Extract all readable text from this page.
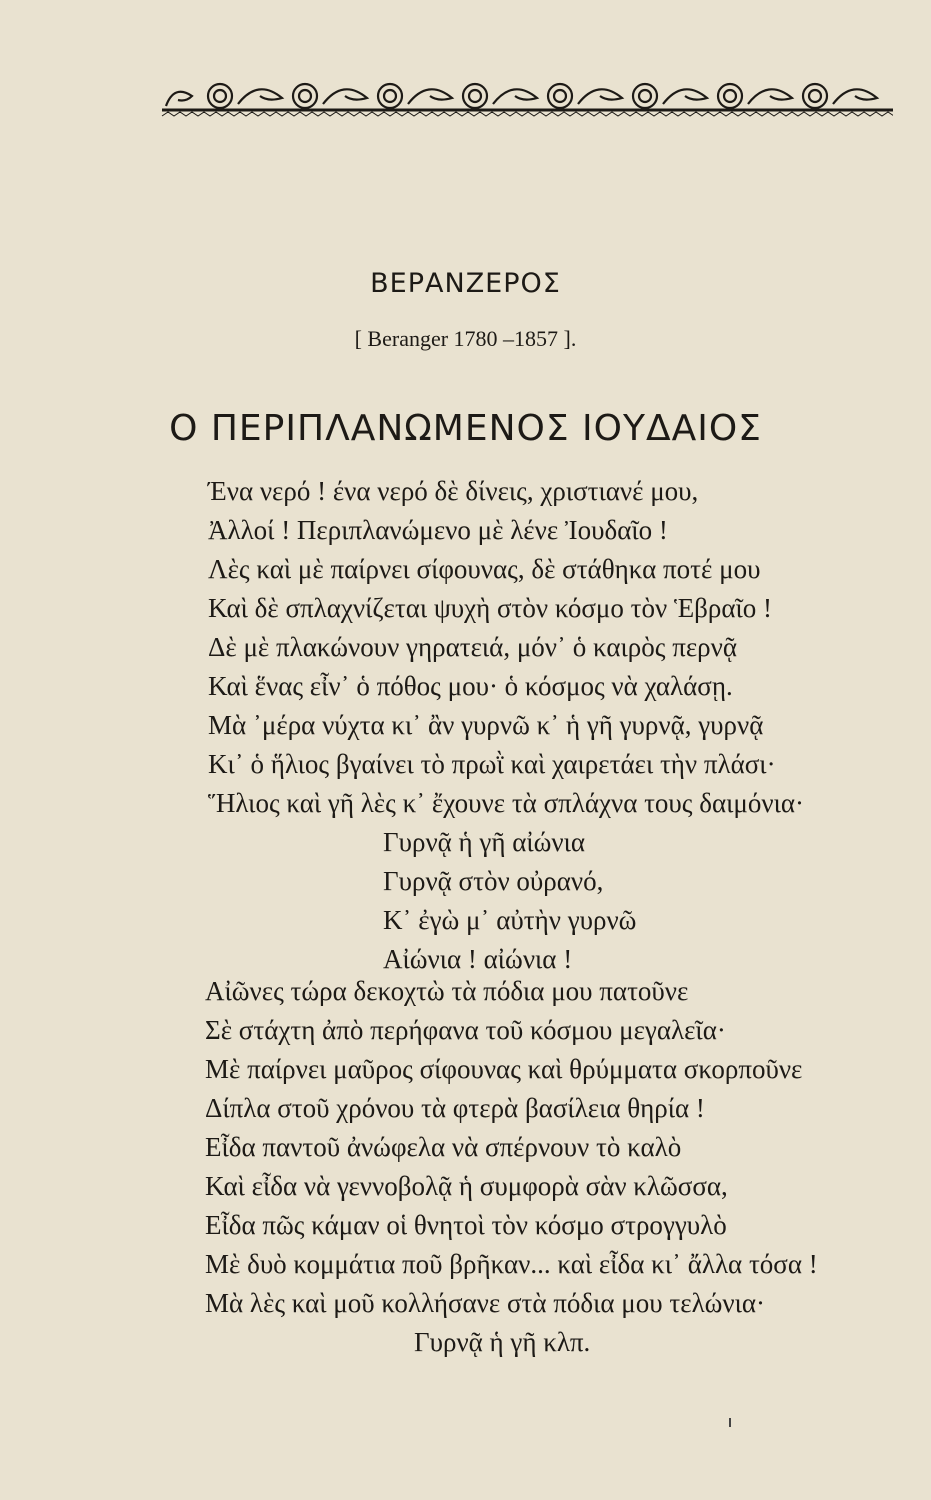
ΒΕΡΑΝΖΕΡΟΣ
[ Beranger 1780 –1857 ].
Ο ΠΕΡΙΠΛΑΝΩΜΕΝΟΣ ΙΟΥΔΑΙΟΣ
Ένα νερό ! ένα νερό δὲ δίνεις, χριστιανέ μου,
Ἀλλοί ! Περιπλανώμενο μὲ λένε Ἰουδαῖο !
Λὲς καὶ μὲ παίρνει σίφουνας, δὲ στάθηκα ποτέ μου
Καὶ δὲ σπλαχνίζεται ψυχὴ στὸν κόσμο τὸν Ἑβραῖο !
Δὲ μὲ πλακώνουν γηρατειά, μόν᾽ ὁ καιρὸς περνᾷ
Καὶ ἕνας εἶν᾽ ὁ πόθος μου· ὁ κόσμος νὰ χαλάσῃ.
Μὰ ᾽μέρα νύχτα κι᾽ ἂν γυρνῶ κ᾽ ἡ γῆ γυρνᾷ, γυρνᾷ
Κι᾽ ὁ ἥλιος βγαίνει τὸ πρωῒ καὶ χαιρετάει τὴν πλάσι·
Ἥλιος καὶ γῆ λὲς κ᾽ ἔχουνε τὰ σπλάχνα τους δαιμόνια·
Γυρνᾷ ἡ γῆ αἰώνια
Γυρνᾷ στὸν οὐρανό,
Κ᾽ ἐγὼ μ᾽ αὐτὴν γυρνῶ
Αἰώνια ! αἰώνια !
Αἰῶνες τώρα δεκοχτὼ τὰ πόδια μου πατοῦνε
Σὲ στάχτη ἀπὸ περήφανα τοῦ κόσμου μεγαλεῖα·
Μὲ παίρνει μαῦρος σίφουνας καὶ θρύμματα σκορποῦνε
Δίπλα στοῦ χρόνου τὰ φτερὰ βασίλεια θηρία !
Εἶδα παντοῦ ἀνώφελα νὰ σπέρνουν τὸ καλὸ
Καὶ εἶδα νὰ γεννοβολᾷ ἡ συμφορὰ σὰν κλῶσσα,
Εἶδα πῶς κάμαν οἱ θνητοὶ τὸν κόσμο στρογγυλὸ
Μὲ δυὸ κομμάτια ποῦ βρῆκαν... καὶ εἶδα κι᾽ ἄλλα τόσα !
Μὰ λὲς καὶ μοῦ κολλήσανε στὰ πόδια μου τελώνια·
Γυρνᾷ ἡ γῆ κλπ.
